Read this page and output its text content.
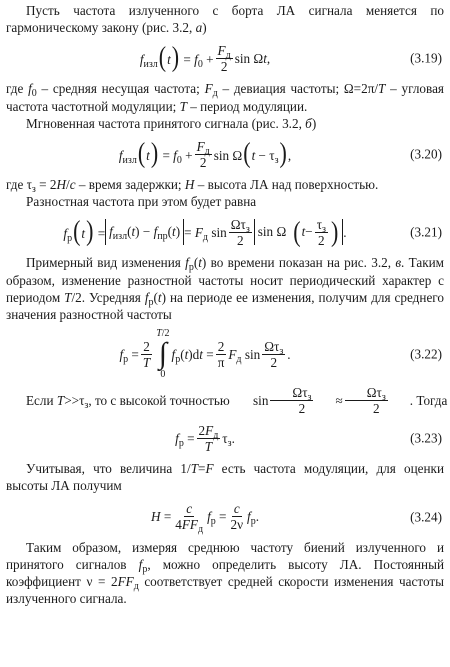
Пусть частота излученного с борта ЛА сигнала меняется по гармоническому закону (рис. 3.2, а)

$f_{изл}(t) = f_0 + \frac{F_д}{2}$ sin Ωt,	(3.19)

где $f_0$ – средняя несущая частота; $F_д$ – девиация частоты; Ω=2π/T – угловая частота частотной модуляции; T – период модуляции.

Мгновенная частота принятого сигнала (рис. 3.2, б)

$f_{изл}(t) = f_0 + \frac{F_д}{2}$ $\sin \Omega(t - \tau_з)$,	(3.20)

где $\tau_з = 2H/с$ – время задержки; H – высота ЛА над поверхностью.

Разностная частота при этом будет равна

$f_р(t) = f_{изл}(t) - f_{пр}(t) = F_д$ $\sin \frac{\Omega\tau_з}{2}$ sin Ω ( $t - \frac{\tau_з}{2}$ ) .	(3.21)

Примерный вид изменения $f_р(t)$ во времени показан на рис. 3.2, в. Таким образом, изменение разностной частоты носит периодический характер с периодом T/2. Усредняя $f_р(t)$ на периоде ее изменения, получим для среднего значения разностной частоты

$f_р = \frac{2}{T}$
T/2
∫
0
$f_р(t)dt = \frac{2}{\pi} F_д$ $\sin \frac{\Omega\tau_з}{2}$ .	(3.22)

Если $T>>\tau_з$, то с высокой точностью	$\sin \frac{\Omega\tau_з}{2}$	≈ $\frac{\Omega\tau_з}{2}$	. Тогда

$f_р = \frac{2F_д}{T} \tau_з$.	(3.23)

Учитывая, что величина 1/T=F есть частота модуляции, для оценки высоты ЛА получим

$H = \frac{c}{4FF_д} f_р = \frac{c}{2\nu} f_р$.	(3.24)

Таким образом, измеряя среднюю частоту биений излученного и принятого сигналов $f_р$, можно определить высоту ЛА. Постоянный коэффициент $\nu = 2FF_д$ соответствует средней скорости изменения частоты излученного сигнала.
